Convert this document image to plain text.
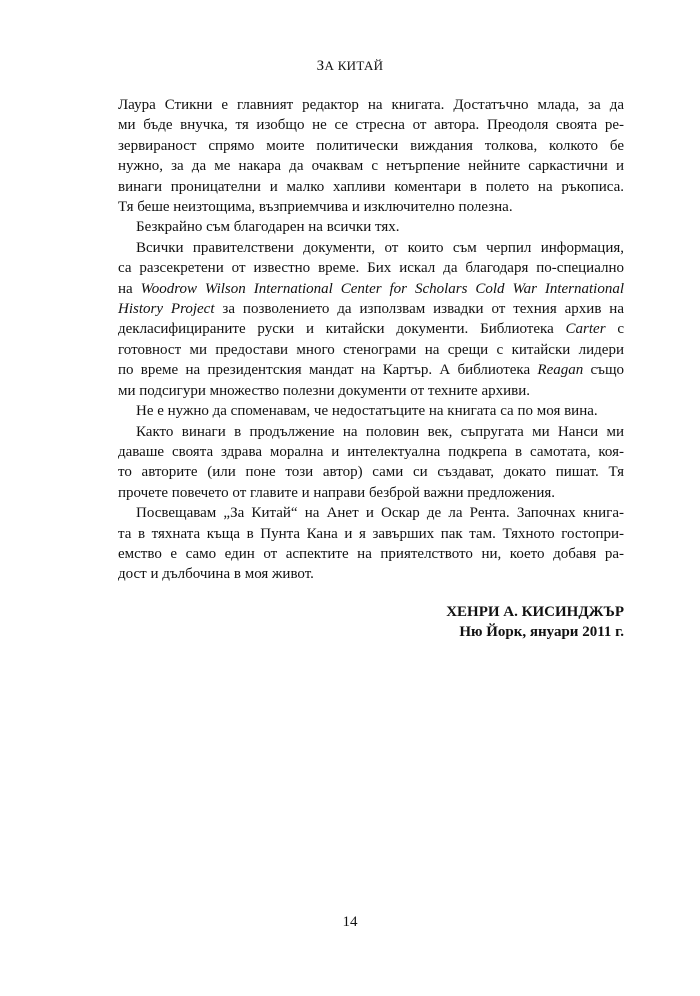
ЗА КИТАЙ
Лаура Стикни е главният редактор на книгата. Достатъчно млада, за да
ми бъде внучка, тя изобщо не се стресна от автора. Преодоля своята ре-
зервираност спрямо моите политически виждания толкова, колкото бе
нужно, за да ме накара да очаквам с нетърпение нейните саркастични и
винаги проницателни и малко хапливи коментари в полето на ръкописа.
Тя беше неизтощима, възприемчива и изключително полезна.
Безкрайно съм благодарен на всички тях.
Всички правителствени документи, от които съм черпил информация,
са разсекретени от известно време. Бих искал да благодаря по-специално
на Woodrow Wilson International Center for Scholars Cold War International
History Project за позволението да използвам извадки от техния архив на
декласифицираните руски и китайски документи. Библиотека Carter с
готовност ми предостави много стенограми на срещи с китайски лидери
по време на президентския мандат на Картър. А библиотека Reagan също
ми подсигури множество полезни документи от техните архиви.
Не е нужно да споменавам, че недостатъците на книгата са по моя вина.
Както винаги в продължение на половин век, съпругата ми Нанси ми
даваше своята здрава морална и интелектуална подкрепа в самотата, коя-
то авторите (или поне този автор) сами си създават, докато пишат. Тя
прочете повечето от главите и направи безброй важни предложения.
Посвещавам „За Китай“ на Анет и Оскар де ла Рента. Започнах книга-
та в тяхната къща в Пунта Кана и я завърших пак там. Тяхното гостопри-
емство е само един от аспектите на приятелството ни, което добавя ра-
дост и дълбочина в моя живот.
ХЕНРИ А. КИСИНДЖЪР
Ню Йорк, януари 2011 г.
14
